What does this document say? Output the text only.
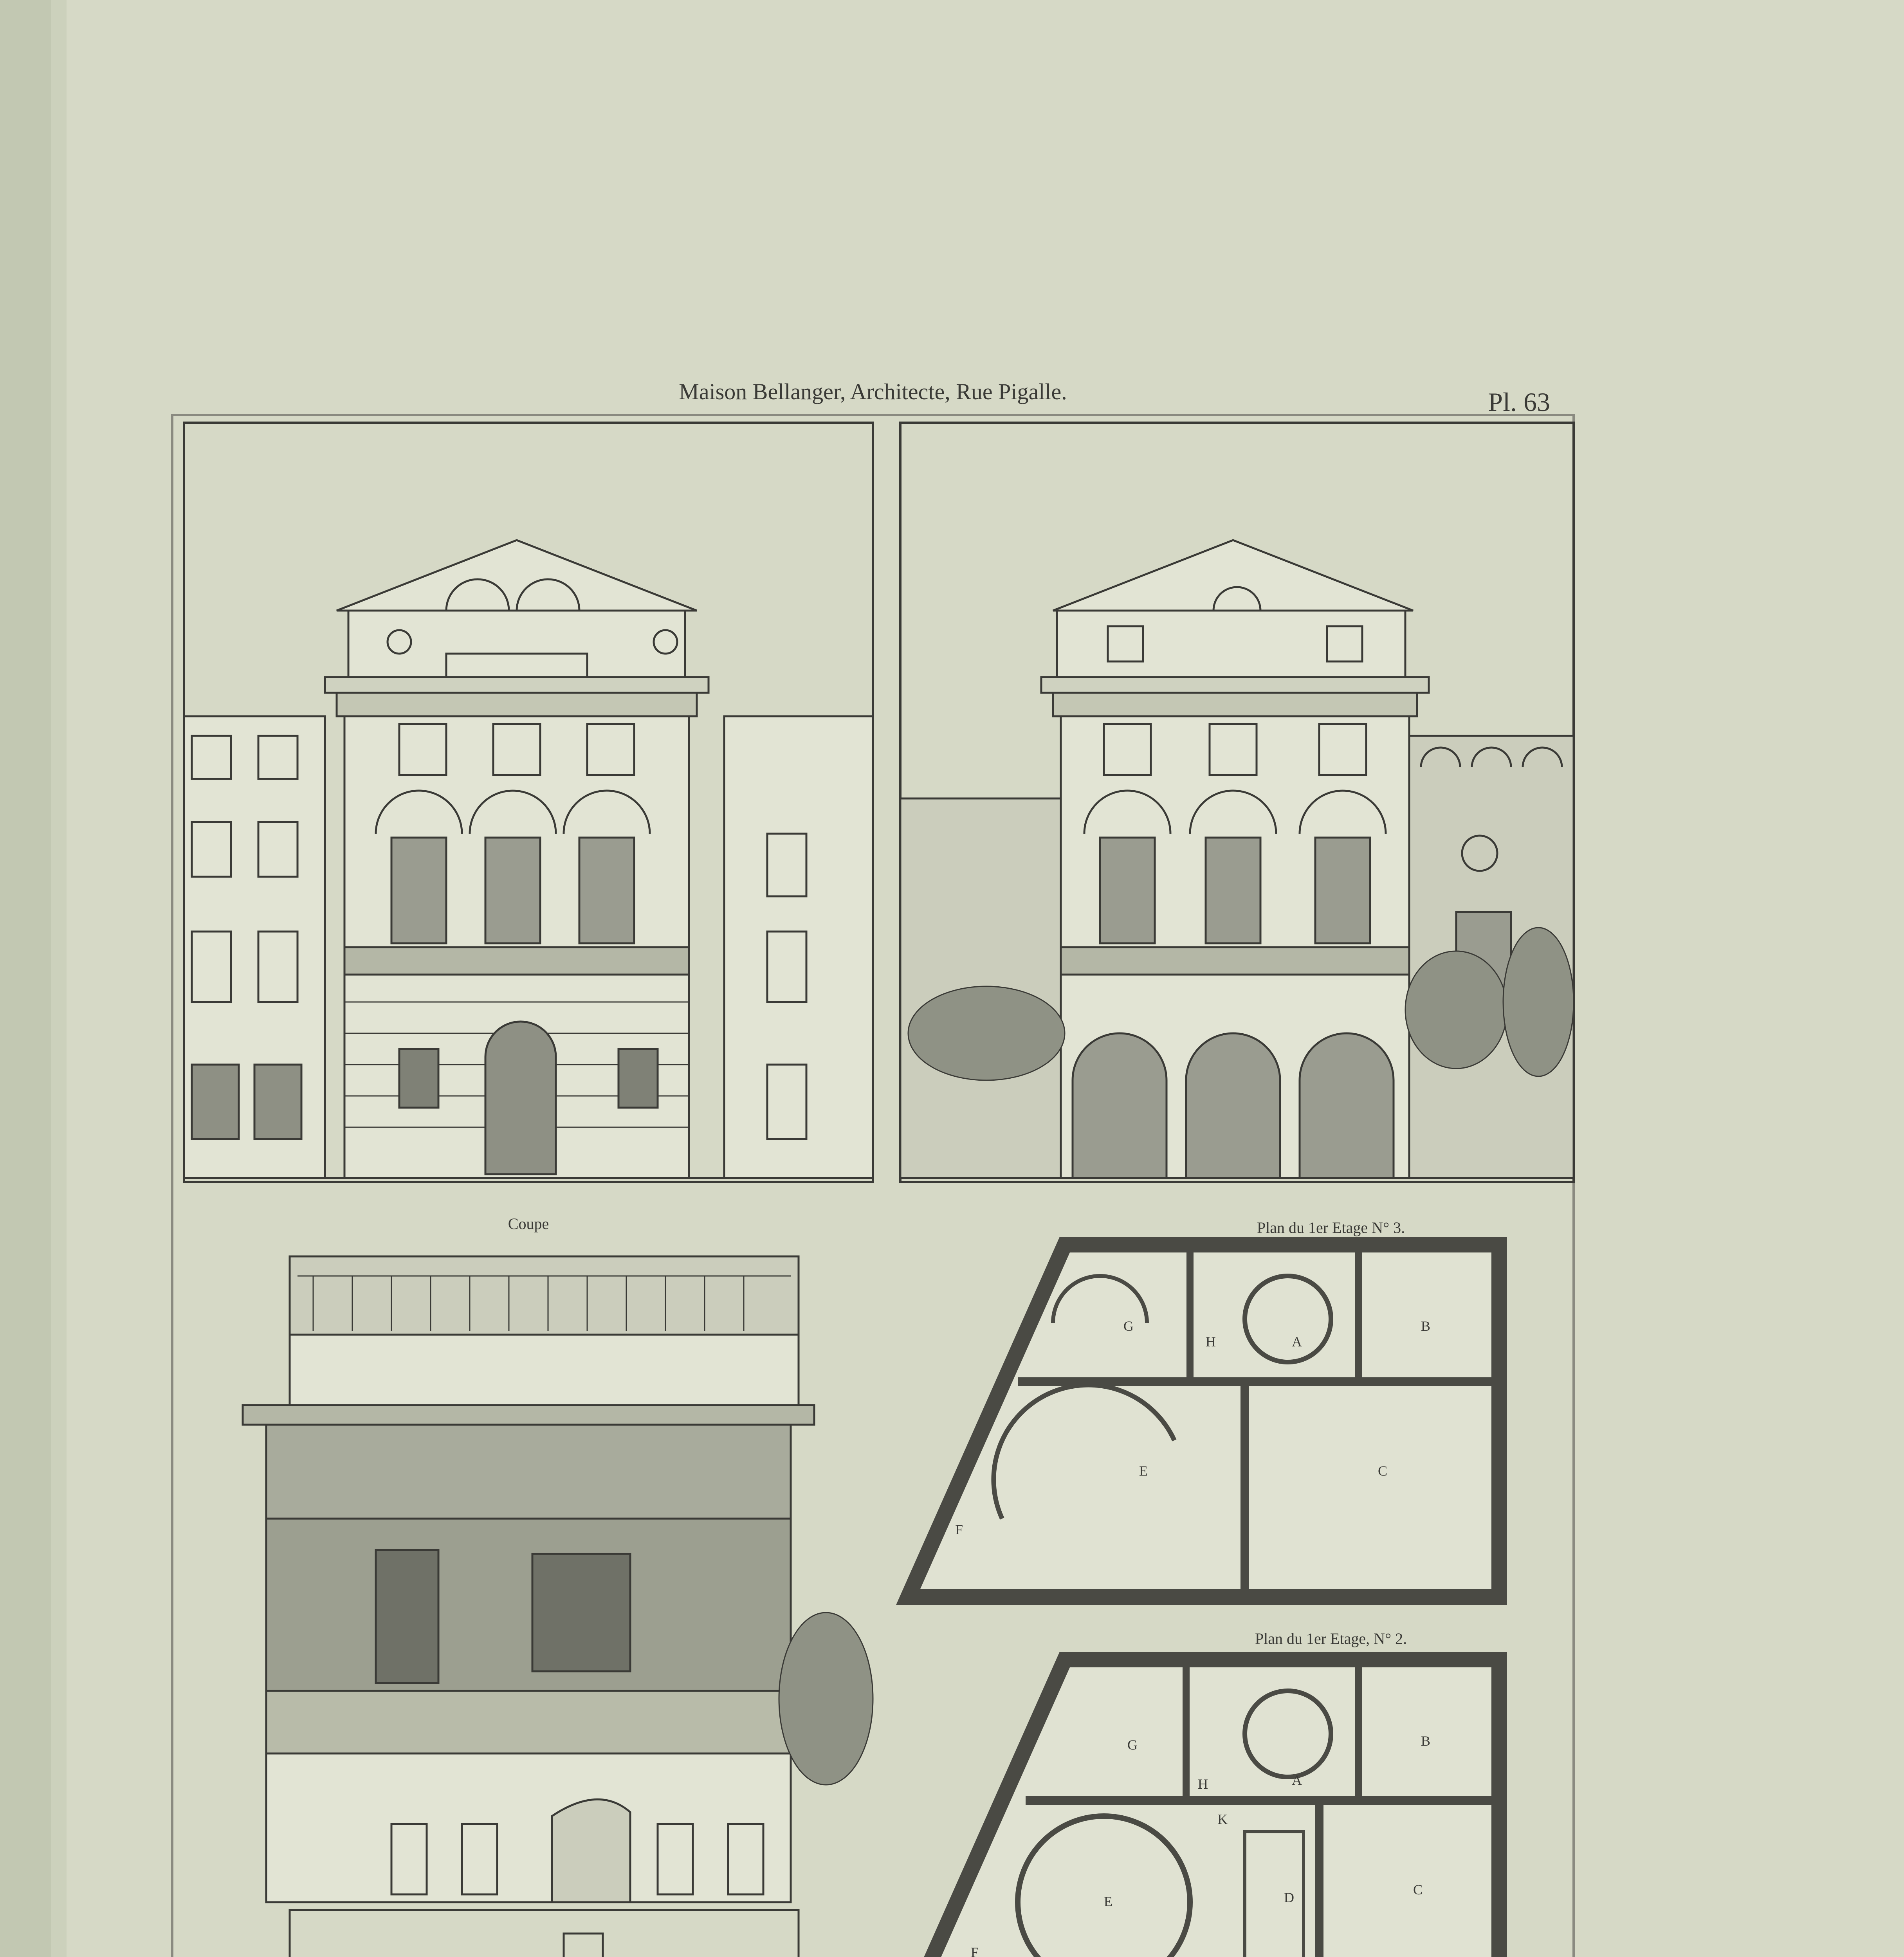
Maison Bellanger, Architecte, Rue Pigalle.	Pl. 63
Coupe	Plan du 1er Etage N° 3.
G
H	A
B
E	C
F
Plan du 1er Etage, N° 2.
G
H	A
B
K
E	D	C
F
